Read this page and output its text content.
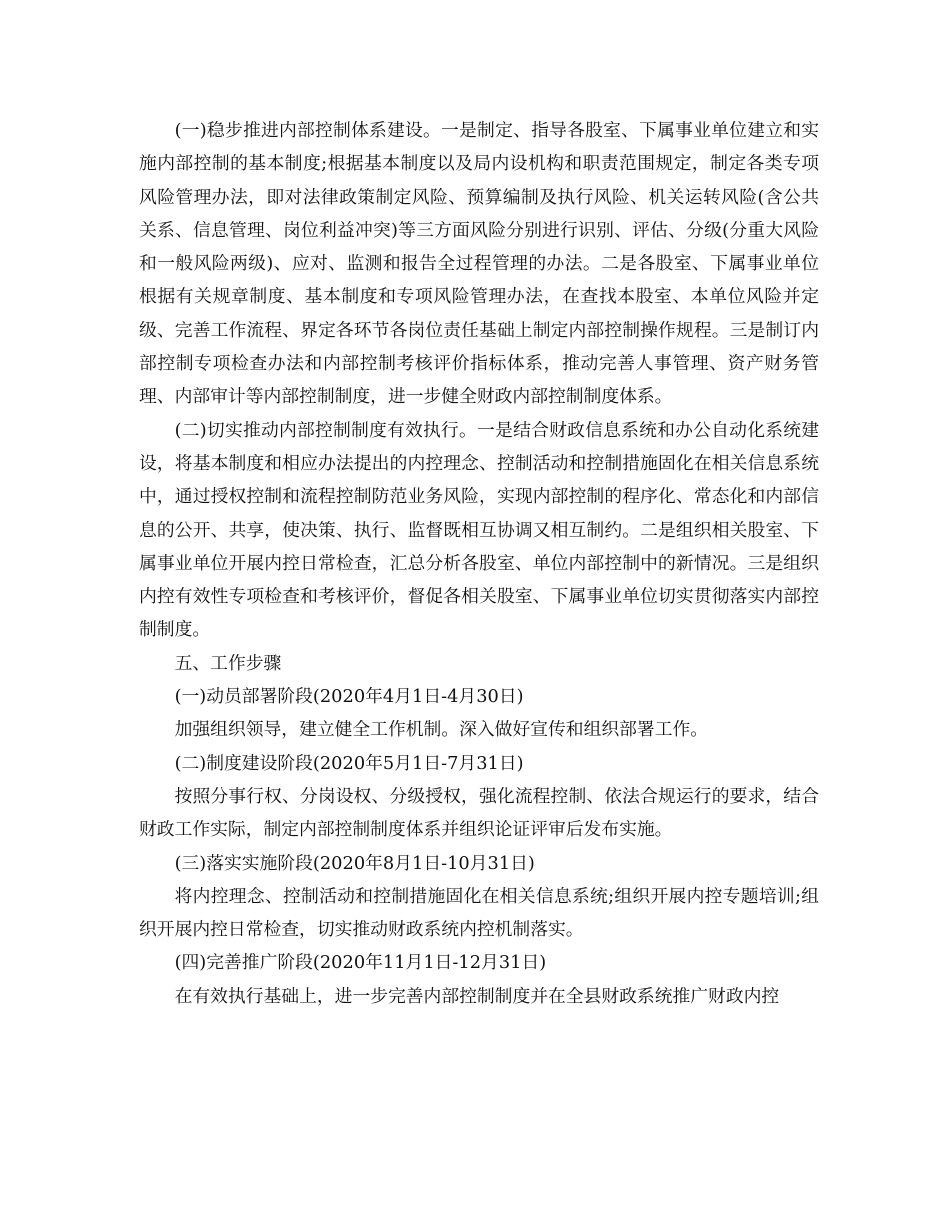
(一)稳步推进内部控制体系建设。一是制定、指导各股室、下属事业单位建立和实施内部控制的基本制度;根据基本制度以及局内设机构和职责范围规定，制定各类专项风险管理办法，即对法律政策制定风险、预算编制及执行风险、机关运转风险(含公共关系、信息管理、岗位利益冲突)等三方面风险分别进行识别、评估、分级(分重大风险和一般风险两级)、应对、监测和报告全过程管理的办法。二是各股室、下属事业单位根据有关规章制度、基本制度和专项风险管理办法，在查找本股室、本单位风险并定级、完善工作流程、界定各环节各岗位责任基础上制定内部控制操作规程。三是制订内部控制专项检查办法和内部控制考核评价指标体系，推动完善人事管理、资产财务管理、内部审计等内部控制制度，进一步健全财政内部控制制度体系。

(二)切实推动内部控制制度有效执行。一是结合财政信息系统和办公自动化系统建设，将基本制度和相应办法提出的内控理念、控制活动和控制措施固化在相关信息系统中，通过授权控制和流程控制防范业务风险，实现内部控制的程序化、常态化和内部信息的公开、共享，使决策、执行、监督既相互协调又相互制约。二是组织相关股室、下属事业单位开展内控日常检查，汇总分析各股室、单位内部控制中的新情况。三是组织内控有效性专项检查和考核评价，督促各相关股室、下属事业单位切实贯彻落实内部控制制度。

五、工作步骤

(一)动员部署阶段(2020年4月1日-4月30日)

加强组织领导，建立健全工作机制。深入做好宣传和组织部署工作。

(二)制度建设阶段(2020年5月1日-7月31日)

按照分事行权、分岗设权、分级授权，强化流程控制、依法合规运行的要求，结合财政工作实际，制定内部控制制度体系并组织论证评审后发布实施。

(三)落实实施阶段(2020年8月1日-10月31日)

将内控理念、控制活动和控制措施固化在相关信息系统;组织开展内控专题培训;组织开展内控日常检查，切实推动财政系统内控机制落实。

(四)完善推广阶段(2020年11月1日-12月31日)

在有效执行基础上，进一步完善内部控制制度并在全县财政系统推广财政内控
